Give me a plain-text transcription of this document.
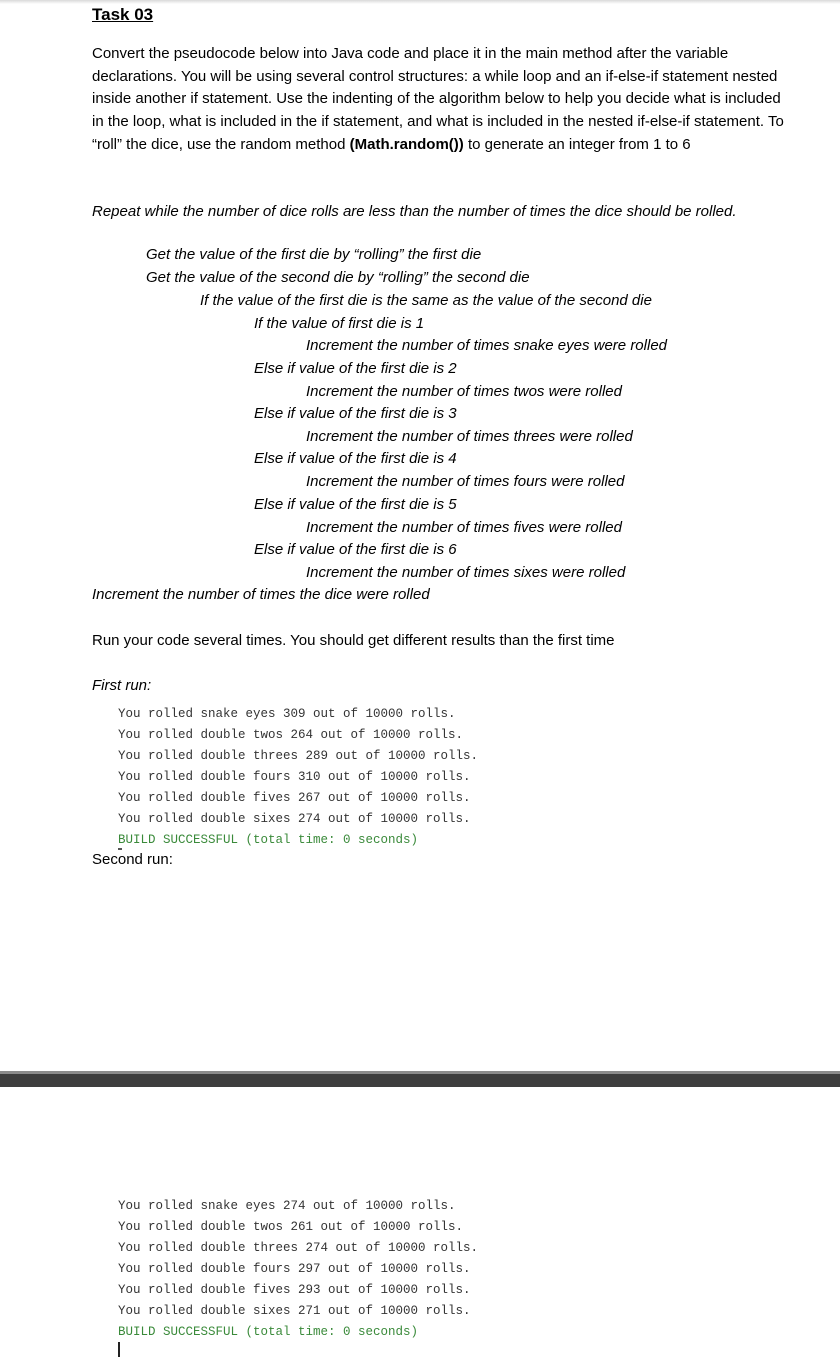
Task 03
Convert the pseudocode below into Java code and place it in the main method after the variable declarations. You will be using several control structures: a while loop and an if-else-if statement nested inside another if statement. Use the indenting of the algorithm below to help you decide what is included in the loop, what is included in the if statement, and what is included in the nested if-else-if statement. To “roll” the dice, use the random method (Math.random()) to generate an integer from 1 to 6
Repeat while the number of dice rolls are less than the number of times the dice should be rolled.
Get the value of the first die by “rolling” the first die
Get the value of the second die by “rolling” the second die
If the value of the first die is the same as the value of the second die
If the value of first die is 1
Increment the number of times snake eyes were rolled
Else if value of the first die is 2
Increment the number of times twos were rolled
Else if value of the first die is 3
Increment the number of times threes were rolled
Else if value of the first die is 4
Increment the number of times fours were rolled
Else if value of the first die is 5
Increment the number of times fives were rolled
Else if value of the first die is 6
Increment the number of times sixes were rolled
Increment the number of times the dice were rolled
Run your code several times. You should get different results than the first time
First run:
You rolled snake eyes 309 out of 10000 rolls.
You rolled double twos 264 out of 10000 rolls.
You rolled double threes 289 out of 10000 rolls.
You rolled double fours 310 out of 10000 rolls.
You rolled double fives 267 out of 10000 rolls.
You rolled double sixes 274 out of 10000 rolls.
BUILD SUCCESSFUL (total time: 0 seconds)
Second run:
You rolled snake eyes 274 out of 10000 rolls.
You rolled double twos 261 out of 10000 rolls.
You rolled double threes 274 out of 10000 rolls.
You rolled double fours 297 out of 10000 rolls.
You rolled double fives 293 out of 10000 rolls.
You rolled double sixes 271 out of 10000 rolls.
BUILD SUCCESSFUL (total time: 0 seconds)
